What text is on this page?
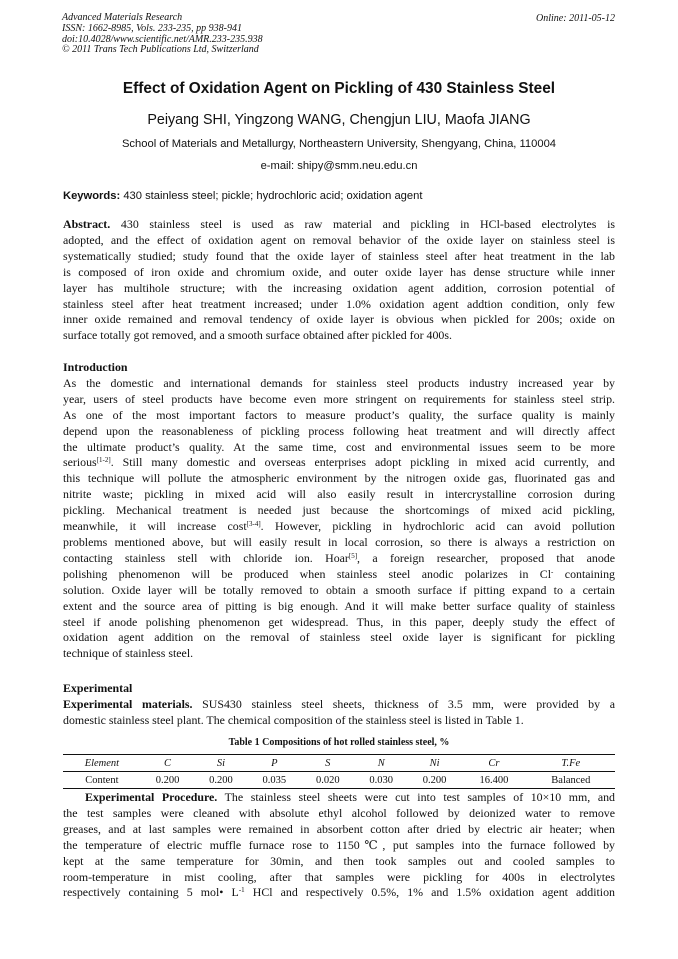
Advanced Materials Research
ISSN: 1662-8985, Vols. 233-235, pp 938-941
doi:10.4028/www.scientific.net/AMR.233-235.938
© 2011 Trans Tech Publications Ltd, Switzerland
Online: 2011-05-12
Effect of Oxidation Agent on Pickling of 430 Stainless Steel
Peiyang SHI, Yingzong WANG, Chengjun LIU, Maofa JIANG
School of Materials and Metallurgy, Northeastern University, Shengyang, China, 110004
e-mail: shipy@smm.neu.edu.cn
Keywords: 430 stainless steel; pickle; hydrochloric acid; oxidation agent
Abstract. 430 stainless steel is used as raw material and pickling in HCl-based electrolytes is
adopted, and the effect of oxidation agent on removal behavior of the oxide layer on stainless steel is
systematically studied; study found that the oxide layer of stainless steel after heat treatment in the lab
is composed of iron oxide and chromium oxide, and outer oxide layer has dense structure while inner
layer has multihole structure; with the increasing oxidation agent addition, corrosion potential of
stainless steel after heat treatment increased; under 1.0% oxidation agent addtion condition, only few
inner oxide remained and removal tendency of oxide layer is obvious when pickled for 200s; oxide on
surface totally got removed, and a smooth surface obtained after pickled for 400s.
Introduction
As the domestic and international demands for stainless steel products industry increased year by
year, users of steel products have become even more stringent on requirements for stainless steel strip.
As one of the most important factors to measure product’s quality, the surface quality is mainly
depend upon the reasonableness of pickling process following heat treatment and will directly affect
the ultimate product’s quality. At the same time, cost and environmental issues seem to be more
serious[1-2]. Still many domestic and overseas enterprises adopt pickling in mixed acid currently, and
this technique will pollute the atmospheric environment by the nitrogen oxide gas, fluorinated gas and
nitrite waste; pickling in mixed acid will also easily result in intercrystalline corrosion during
pickling. Mechanical treatment is needed just because the shortcomings of mixed acid pickling,
meanwhile, it will increase cost[3-4]. However, pickling in hydrochloric acid can avoid pollution
problems mentioned above, but will easily result in local corrosion, so there is always a restriction on
contacting stainless stell with chloride ion. Hoar[5], a foreign researcher, proposed that anode
polishing phenomenon will be produced when stainless steel anodic polarizes in Cl- containing
solution. Oxide layer will be totally removed to obtain a smooth surface if pitting expand to a certain
extent and the source area of pitting is big enough. And it will make better surface quality of stainless
steel if anode polishing phenomenon get widespread. Thus, in this paper, deeply study the effect of
oxidation agent addition on the removal of stainless steel oxide layer is significant for pickling
technique of stainless steel.
Experimental
Experimental materials. SUS430 stainless steel sheets, thickness of 3.5 mm, were provided by a
domestic stainless steel plant. The chemical composition of the stainless steel is listed in Table 1.
Table 1 Compositions of hot rolled stainless steel, %
Element	C	Si	P	S	N	Ni	Cr	T.Fe
Content	0.200	0.200	0.035	0.020	0.030	0.200	16.400	Balanced
Experimental Procedure. The stainless steel sheets were cut into test samples of 10×10 mm, and
the test samples were cleaned with absolute ethyl alcohol followed by deionized water to remove
greases, and at last samples were remained in absorbent cotton after dried by electric air heater; when
the temperature of electric muffle furnace rose to 1150℃, put samples into the furnace followed by
kept at the same temperature for 30min, and then took samples out and cooled samples to
room-temperature in mist cooling, after that samples were pickling for 400s in electrolytes
respectively containing 5 mol• $L^{-1}$ HCl and respectively 0.5%, 1% and 1.5% oxidation agent addition
